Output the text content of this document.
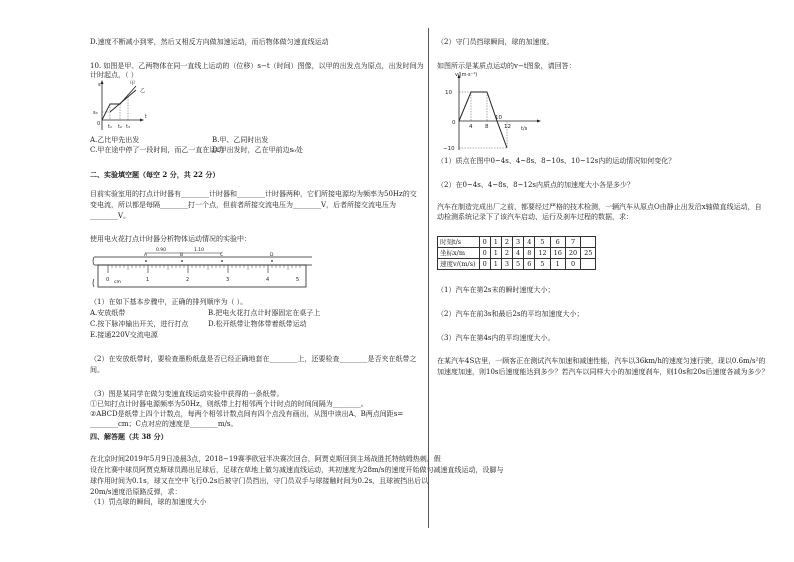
D.速度不断减小到零，然后又相反方向做加速运动，而后物体做匀速直线运动
10. 如图是甲、乙两物体在同一直线上运动的（位移）s−t（时间）图像，以甲的出发点为原点，出发时间为
计时起点，（ ）
s
t
s₀
0 t₁ t₂ t₃
甲
乙
A.乙比甲先出发	B.甲、乙同时出发
C.甲在途中停了一段时间，而乙一直在运动
D.甲出发时，乙在甲前边s₀处
二、实验填空题（每空 2 分，共 22 分）
目前实验室用的打点计时器有________计时器和________计时器两种，它们所接电源均为频率为50Hz的交
变电流，所以都是每隔________打一个点，但前者所接交流电压为________V，后者所接交流电压为
________V。
使用电火花打点计时器分析物体运动情况的实验中：
A	B	C	D
0.90	1.10
0 cm	1	2	3	4	5
（1）在如下基本步骤中，正确的排列顺序为（ ）。
A.安放纸带	B.把电火花打点计时器固定在桌子上
C.按下脉冲输出开关，进行打点	D.松开纸带让物体带着纸带运动
E.接通220V交流电源
（2）在安放纸带时，要检查墨粉纸盘是否已经正确地套在________上，还要检查________是否夹在纸带之
间。
（3）图是某同学在做匀变速直线运动实验中获得的一条纸带。
①已知打点计时器电源频率为50Hz，则纸带上打相邻两个计时点的时间间隔为________。
②ABCD是纸带上四个计数点，每两个相邻计数点间有四个点没有画出，从图中读出A、B两点间距s=
________cm；C点对应的速度是________m/s。
四、解答题（共 38 分）
在北京时间2019年5月9日凌晨3点，2018−19赛季欧冠半决赛次回合，阿贾克斯回到主场战胜托特纳姆热刺。假
设在比赛中球员阿贾克斯球员踢出足球后，足球在草地上做匀减速直线运动，其初速度为28m/s的速度开始做匀减速直线运动，设脚与
球作用时间为0.1s，球又在空中飞行0.2s后被守门员挡出，守门员双手与球接触时间为0.2s，且球被挡出后以
20m/s速度沿原路反弹，求：
（1）罚点球的瞬间，球的加速度大小
（2）守门员挡球瞬间，球的加速度。
如图所示是某质点运动的v−t图象，请回答：
v/(m·s⁻¹)
t/s
10
−10
0
4 8
10
12
（1）质点在图中0~4s、4~8s、8~10s、10~12s内的运动情况如何变化？
（2）在0~4s、4~8s、8~12s内质点的加速度大小各是多少？
汽车在制造完成出厂之前，都要经过严格的技术检测，一辆汽车从原点O由静止出发沿x轴做直线运动，自
动检测系统记录下了该汽车启动、运行及刹车过程的数据，求：
时刻t/s	0	1	2	3	4	5	6	7	
坐标x/m	0	1	2	4	8	12	16	20	25
速度v/(m/s)	0	1	3	5	6	5	1	0	
（1）汽车在第2s末的瞬时速度大小；
（2）汽车在前3s和最后2s的平均加速度大小；
（3）汽车在第4s内的平均速度大小。
在某汽车4S店里，一顾客正在测试汽车加速和减速性能，汽车以36km/h的速度匀速行驶，现以0.6m/s²的
加速度加速，则10s后速度能达到多少？若汽车以同样大小的加速度刹车，则10s和20s后速度各减为多少？
